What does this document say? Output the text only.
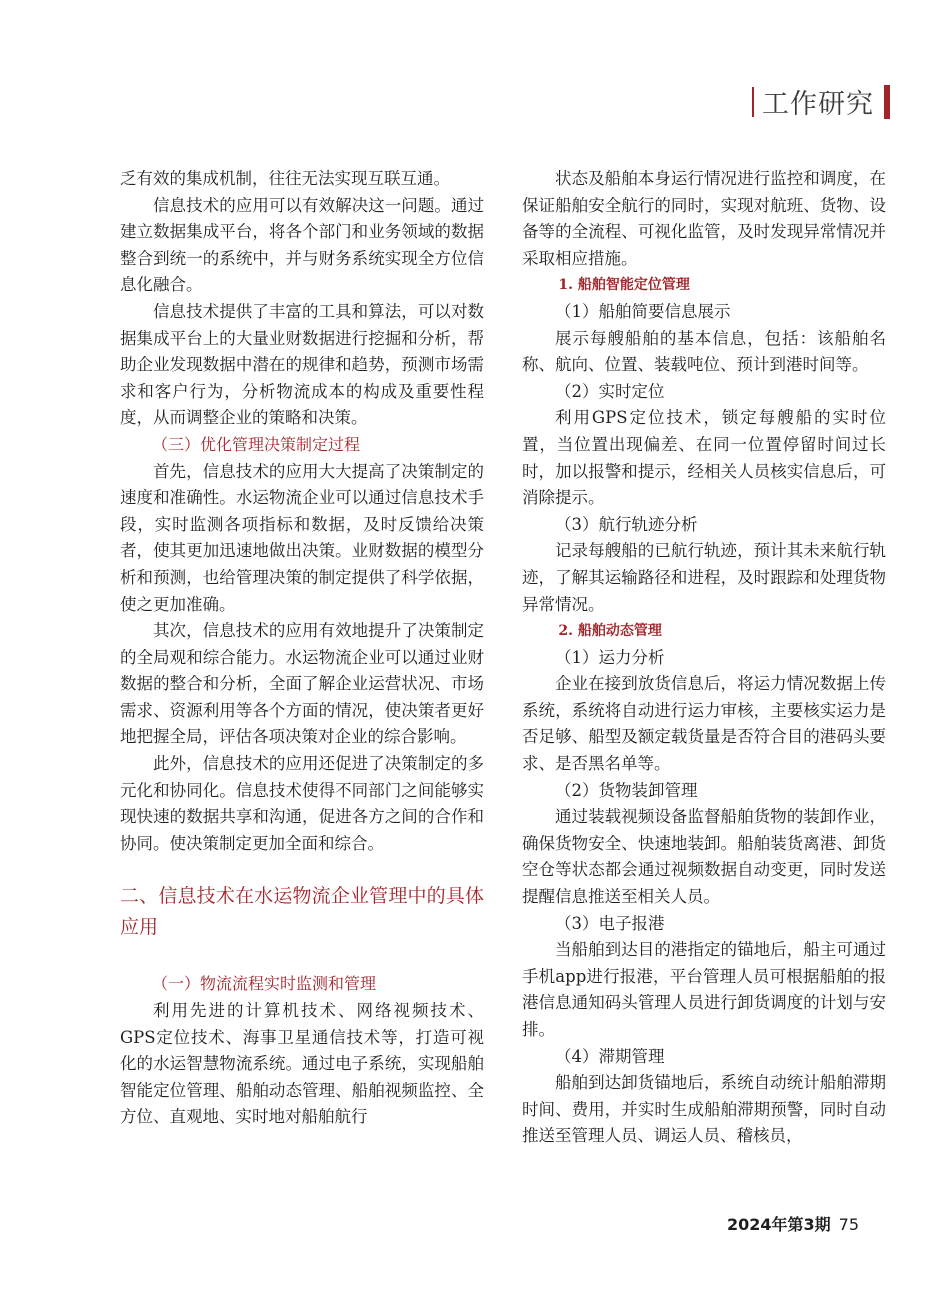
工作研究

乏有效的集成机制，往往无法实现互联互通。

信息技术的应用可以有效解决这一问题。通过建立数据集成平台，将各个部门和业务领域的数据整合到统一的系统中，并与财务系统实现全方位信息化融合。

信息技术提供了丰富的工具和算法，可以对数据集成平台上的大量业财数据进行挖掘和分析，帮助企业发现数据中潜在的规律和趋势，预测市场需求和客户行为，分析物流成本的构成及重要性程度，从而调整企业的策略和决策。

（三）优化管理决策制定过程

首先，信息技术的应用大大提高了决策制定的速度和准确性。水运物流企业可以通过信息技术手段，实时监测各项指标和数据，及时反馈给决策者，使其更加迅速地做出决策。业财数据的模型分析和预测，也给管理决策的制定提供了科学依据，使之更加准确。

其次，信息技术的应用有效地提升了决策制定的全局观和综合能力。水运物流企业可以通过业财数据的整合和分析，全面了解企业运营状况、市场需求、资源利用等各个方面的情况，使决策者更好地把握全局，评估各项决策对企业的综合影响。

此外，信息技术的应用还促进了决策制定的多元化和协同化。信息技术使得不同部门之间能够实现快速的数据共享和沟通，促进各方之间的合作和协同。使决策制定更加全面和综合。

二、信息技术在水运物流企业管理中的具体应用

（一）物流流程实时监测和管理

利用先进的计算机技术、网络视频技术、GPS定位技术、海事卫星通信技术等，打造可视化的水运智慧物流系统。通过电子系统，实现船舶智能定位管理、船舶动态管理、船舶视频监控、全方位、直观地、实时地对船舶航行

状态及船舶本身运行情况进行监控和调度，在保证船舶安全航行的同时，实现对航班、货物、设备等的全流程、可视化监管，及时发现异常情况并采取相应措施。

1. 船舶智能定位管理

（1）船舶简要信息展示

展示每艘船舶的基本信息，包括：该船舶名称、航向、位置、装载吨位、预计到港时间等。

（2）实时定位

利用GPS定位技术，锁定每艘船的实时位置，当位置出现偏差、在同一位置停留时间过长时，加以报警和提示，经相关人员核实信息后，可消除提示。

（3）航行轨迹分析

记录每艘船的已航行轨迹，预计其未来航行轨迹，了解其运输路径和进程，及时跟踪和处理货物异常情况。

2. 船舶动态管理

（1）运力分析

企业在接到放货信息后，将运力情况数据上传系统，系统将自动进行运力审核，主要核实运力是否足够、船型及额定载货量是否符合目的港码头要求、是否黑名单等。

（2）货物装卸管理

通过装载视频设备监督船舶货物的装卸作业，确保货物安全、快速地装卸。船舶装货离港、卸货空仓等状态都会通过视频数据自动变更，同时发送提醒信息推送至相关人员。

（3）电子报港

当船舶到达目的港指定的锚地后，船主可通过手机app进行报港，平台管理人员可根据船舶的报港信息通知码头管理人员进行卸货调度的计划与安排。

（4）滞期管理

船舶到达卸货锚地后，系统自动统计船舶滞期时间、费用，并实时生成船舶滞期预警，同时自动推送至管理人员、调运人员、稽核员，

2024年第3期 75
